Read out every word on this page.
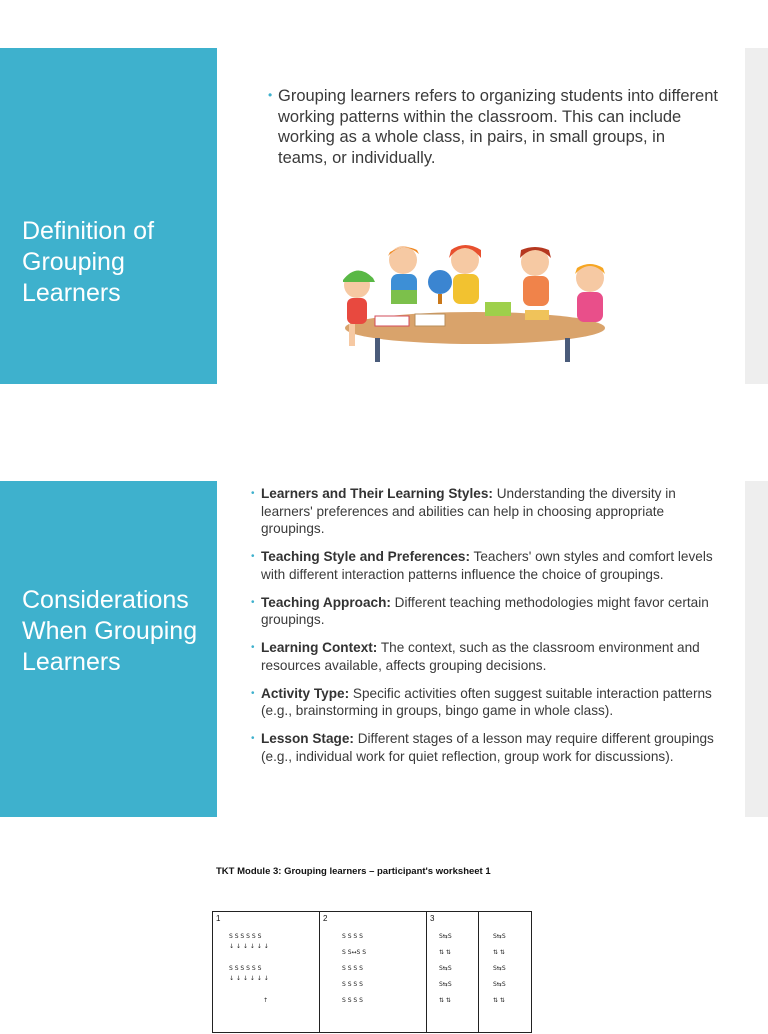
Definition of Grouping Learners
• Grouping learners refers to organizing students into different working patterns within the classroom. This can include working as a whole class, in pairs, in small groups, in teams, or individually.
Considerations When Grouping Learners
• Learners and Their Learning Styles: Understanding the diversity in learners' preferences and abilities can help in choosing appropriate groupings.
• Teaching Style and Preferences: Teachers' own styles and comfort levels with different interaction patterns influence the choice of groupings.
• Teaching Approach: Different teaching methodologies might favor certain groupings.
• Learning Context: The context, such as the classroom environment and resources available, affects grouping decisions.
• Activity Type: Specific activities often suggest suitable interaction patterns (e.g., brainstorming in groups, bingo game in whole class).
• Lesson Stage: Different stages of a lesson may require different groupings (e.g., individual work for quiet reflection, group work for discussions).
TKT Module 3: Grouping learners – participant's worksheet 1
1
S S S S S S
↓ ↓ ↓ ↓ ↓ ↓
S S S S S S
↓ ↓ ↓ ↓ ↓ ↓
↑
2
S S S S
S S↔S S
S S S S
S S S S
S S S S
3
S⇆S
⇅ ⇅
S⇆S
S⇆S
⇅ ⇅
S⇆S
⇅ ⇅
S⇆S
S⇆S
⇅ ⇅
